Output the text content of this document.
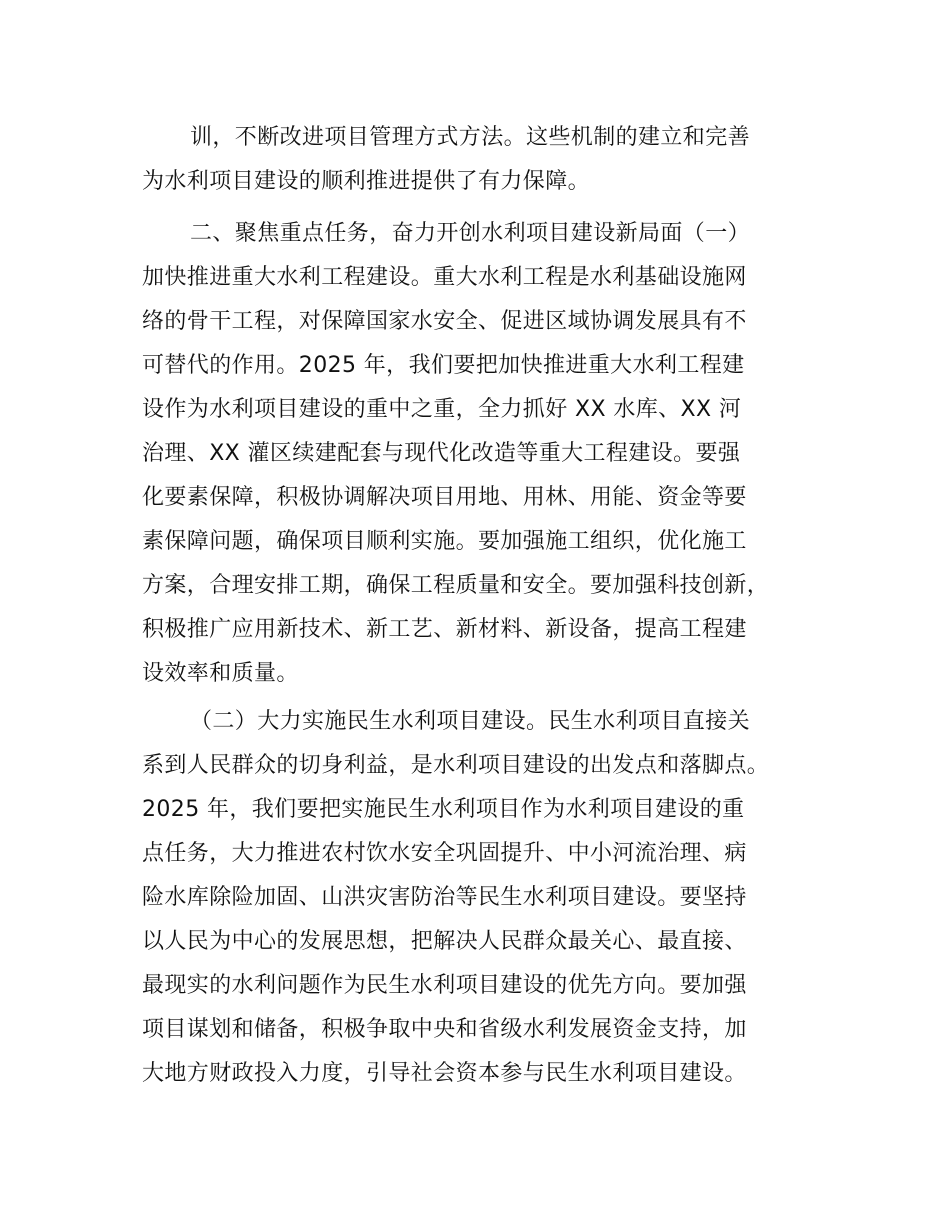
训，不断改进项目管理方式方法。这些机制的建立和完善
为水利项目建设的顺利推进提供了有力保障。
二、聚焦重点任务，奋力开创水利项目建设新局面（一）
加快推进重大水利工程建设。重大水利工程是水利基础设施网
络的骨干工程，对保障国家水安全、促进区域协调发展具有不
可替代的作用。2025 年，我们要把加快推进重大水利工程建
设作为水利项目建设的重中之重，全力抓好 XX 水库、XX 河
治理、XX 灌区续建配套与现代化改造等重大工程建设。要强
化要素保障，积极协调解决项目用地、用林、用能、资金等要
素保障问题，确保项目顺利实施。要加强施工组织，优化施工
方案，合理安排工期，确保工程质量和安全。要加强科技创新，
积极推广应用新技术、新工艺、新材料、新设备，提高工程建
设效率和质量。
（二）大力实施民生水利项目建设。民生水利项目直接关
系到人民群众的切身利益，是水利项目建设的出发点和落脚点。
2025 年，我们要把实施民生水利项目作为水利项目建设的重
点任务，大力推进农村饮水安全巩固提升、中小河流治理、病
险水库除险加固、山洪灾害防治等民生水利项目建设。要坚持
以人民为中心的发展思想，把解决人民群众最关心、最直接、
最现实的水利问题作为民生水利项目建设的优先方向。要加强
项目谋划和储备，积极争取中央和省级水利发展资金支持，加
大地方财政投入力度，引导社会资本参与民生水利项目建设。
